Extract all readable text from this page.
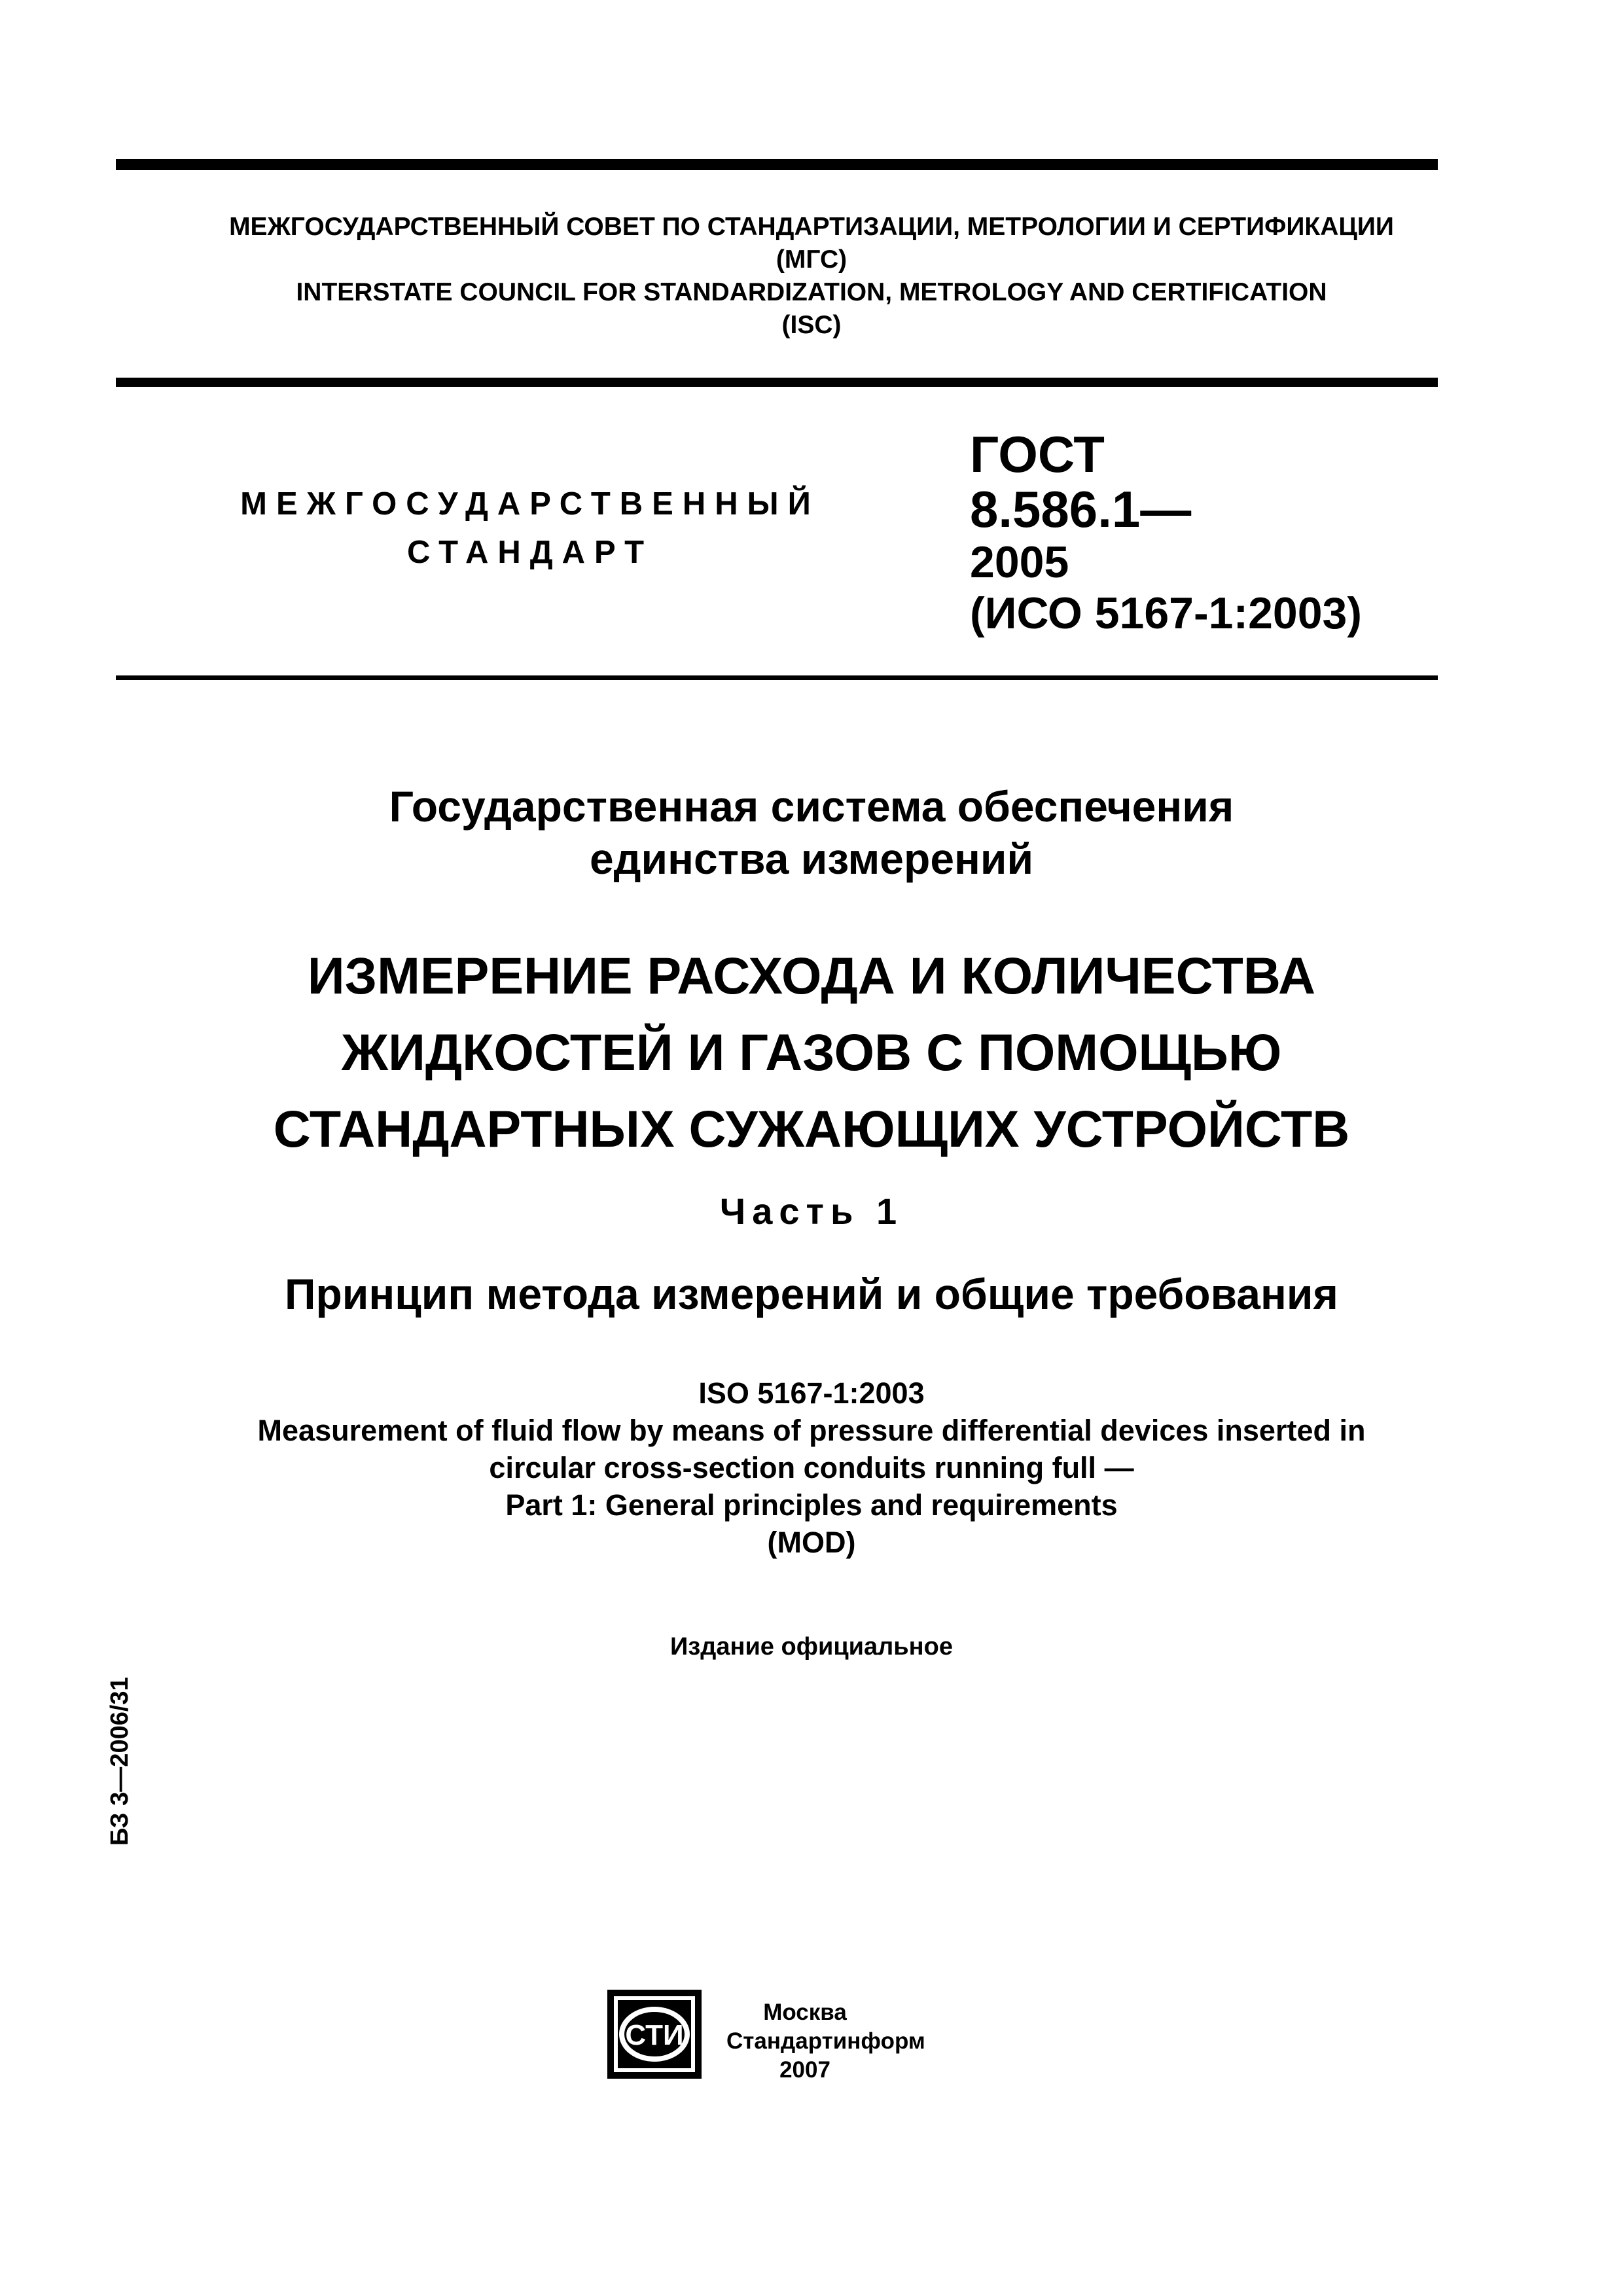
МЕЖГОСУДАРСТВЕННЫЙ СОВЕТ ПО СТАНДАРТИЗАЦИИ, МЕТРОЛОГИИ И СЕРТИФИКАЦИИ
(МГС)
INTERSTATE COUNCIL FOR STANDARDIZATION, METROLOGY AND CERTIFICATION
(ISC)
МЕЖГОСУДАРСТВЕННЫЙ
СТАНДАРТ
ГОСТ
8.586.1—
2005
(ИСО 5167-1:2003)
Государственная система обеспечения
единства измерений
ИЗМЕРЕНИЕ РАСХОДА И КОЛИЧЕСТВА
ЖИДКОСТЕЙ И ГАЗОВ С ПОМОЩЬЮ
СТАНДАРТНЫХ СУЖАЮЩИХ УСТРОЙСТВ
Часть 1
Принцип метода измерений и общие требования
ISO 5167-1:2003
Measurement of fluid flow by means of pressure differential devices inserted in
circular cross-section conduits running full —
Part 1: General principles and requirements
(MOD)
Издание официальное
БЗ 3—2006/31
СТИ
Москва
Стандартинформ
2007
